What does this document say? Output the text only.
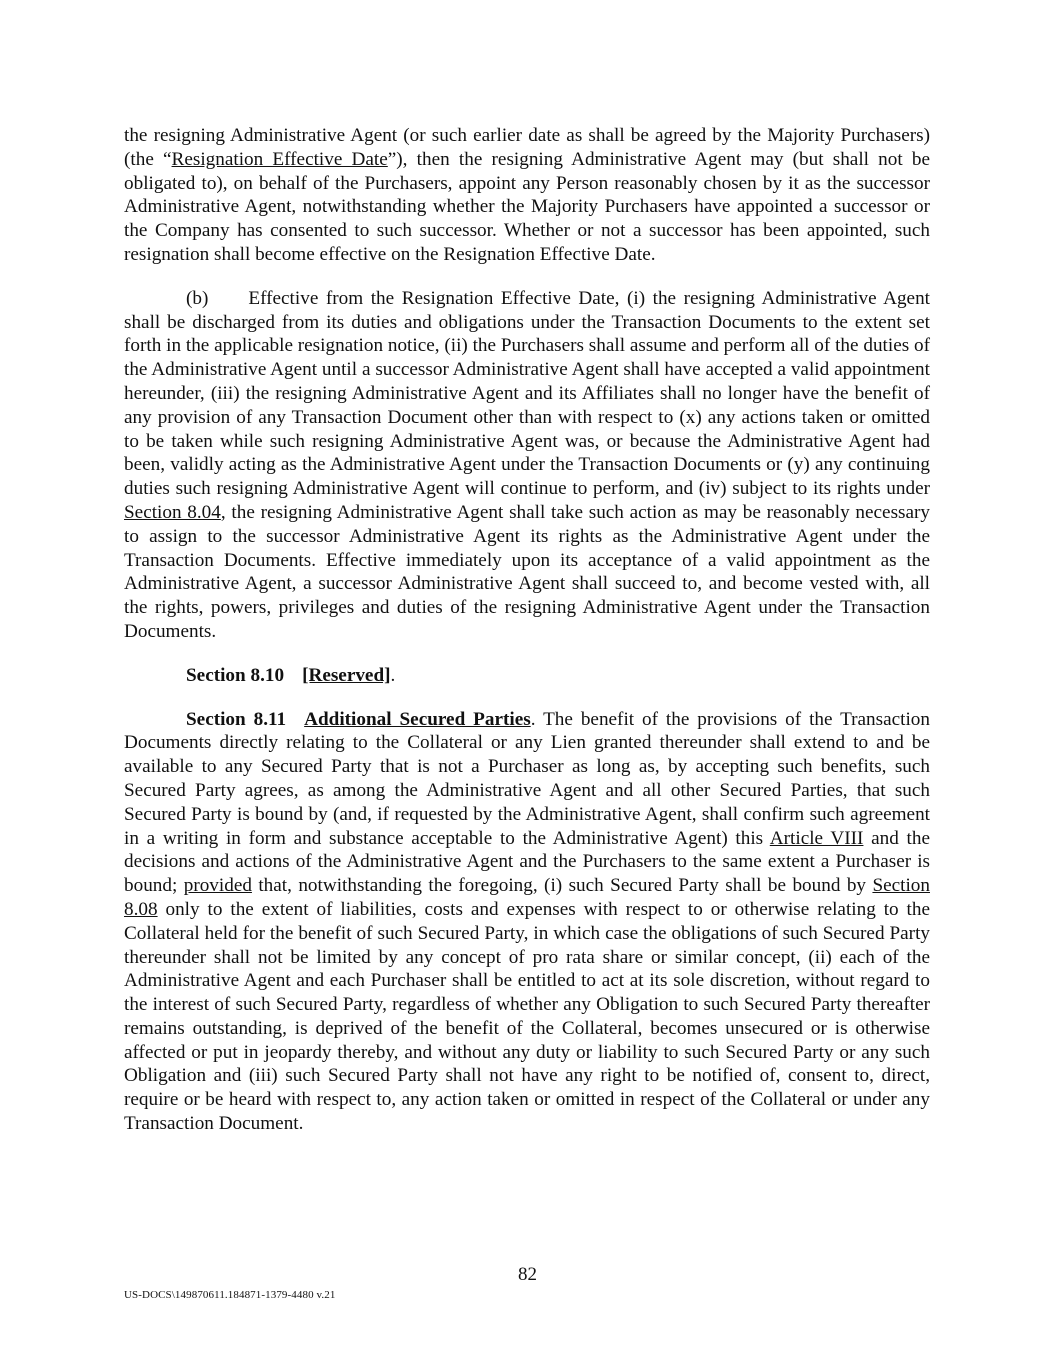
the resigning Administrative Agent (or such earlier date as shall be agreed by the Majority Purchasers) (the “Resignation Effective Date”), then the resigning Administrative Agent may (but shall not be obligated to), on behalf of the Purchasers, appoint any Person reasonably chosen by it as the successor Administrative Agent, notwithstanding whether the Majority Purchasers have appointed a successor or the Company has consented to such successor. Whether or not a successor has been appointed, such resignation shall become effective on the Resignation Effective Date.

(b) Effective from the Resignation Effective Date, (i) the resigning Administrative Agent shall be discharged from its duties and obligations under the Transaction Documents to the extent set forth in the applicable resignation notice, (ii) the Purchasers shall assume and perform all of the duties of the Administrative Agent until a successor Administrative Agent shall have accepted a valid appointment hereunder, (iii) the resigning Administrative Agent and its Affiliates shall no longer have the benefit of any provision of any Transaction Document other than with respect to (x) any actions taken or omitted to be taken while such resigning Administrative Agent was, or because the Administrative Agent had been, validly acting as the Administrative Agent under the Transaction Documents or (y) any continuing duties such resigning Administrative Agent will continue to perform, and (iv) subject to its rights under Section 8.04, the resigning Administrative Agent shall take such action as may be reasonably necessary to assign to the successor Administrative Agent its rights as the Administrative Agent under the Transaction Documents. Effective immediately upon its acceptance of a valid appointment as the Administrative Agent, a successor Administrative Agent shall succeed to, and become vested with, all the rights, powers, privileges and duties of the resigning Administrative Agent under the Transaction Documents.

Section 8.10 [Reserved].

Section 8.11 Additional Secured Parties. The benefit of the provisions of the Transaction Documents directly relating to the Collateral or any Lien granted thereunder shall extend to and be available to any Secured Party that is not a Purchaser as long as, by accepting such benefits, such Secured Party agrees, as among the Administrative Agent and all other Secured Parties, that such Secured Party is bound by (and, if requested by the Administrative Agent, shall confirm such agreement in a writing in form and substance acceptable to the Administrative Agent) this Article VIII and the decisions and actions of the Administrative Agent and the Purchasers to the same extent a Purchaser is bound; provided that, notwithstanding the foregoing, (i) such Secured Party shall be bound by Section 8.08 only to the extent of liabilities, costs and expenses with respect to or otherwise relating to the Collateral held for the benefit of such Secured Party, in which case the obligations of such Secured Party thereunder shall not be limited by any concept of pro rata share or similar concept, (ii) each of the Administrative Agent and each Purchaser shall be entitled to act at its sole discretion, without regard to the interest of such Secured Party, regardless of whether any Obligation to such Secured Party thereafter remains outstanding, is deprived of the benefit of the Collateral, becomes unsecured or is otherwise affected or put in jeopardy thereby, and without any duty or liability to such Secured Party or any such Obligation and (iii) such Secured Party shall not have any right to be notified of, consent to, direct, require or be heard with respect to, any action taken or omitted in respect of the Collateral or under any Transaction Document.

82
US-DOCS\149870611.184871-1379-4480 v.21
